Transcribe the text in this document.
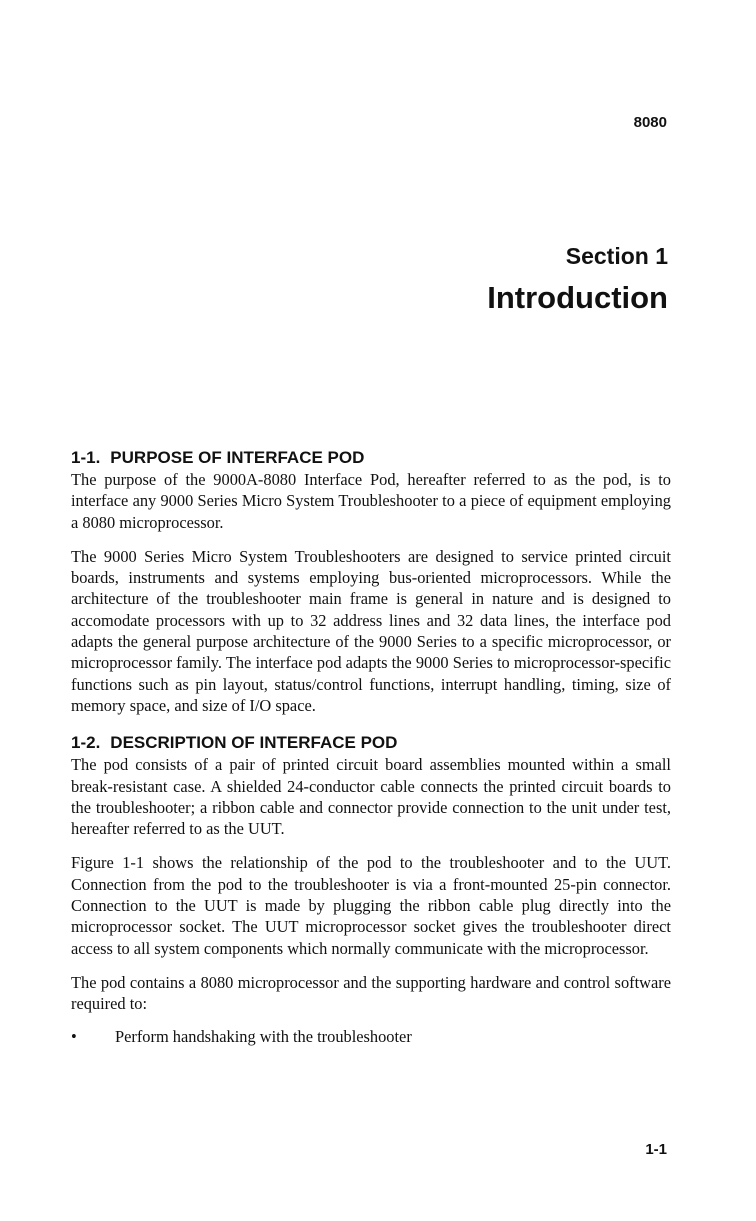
8080
Section 1
Introduction
1-1. PURPOSE OF INTERFACE POD

The purpose of the 9000A-8080 Interface Pod, hereafter referred to as the pod, is to interface any 9000 Series Micro System Troubleshooter to a piece of equipment employing a 8080 microprocessor.

The 9000 Series Micro System Troubleshooters are designed to service printed circuit boards, instruments and systems employing bus-oriented microprocessors. While the architecture of the troubleshooter main frame is general in nature and is designed to accomodate processors with up to 32 address lines and 32 data lines, the interface pod adapts the general purpose architecture of the 9000 Series to a specific microprocessor, or microprocessor family. The interface pod adapts the 9000 Series to microprocessor-specific functions such as pin layout, status/control functions, interrupt handling, timing, size of memory space, and size of I/O space.

1-2. DESCRIPTION OF INTERFACE POD

The pod consists of a pair of printed circuit board assemblies mounted within a small break-resistant case. A shielded 24-conductor cable connects the printed circuit boards to the troubleshooter; a ribbon cable and connector provide connection to the unit under test, hereafter referred to as the UUT.

Figure 1-1 shows the relationship of the pod to the troubleshooter and to the UUT. Connection from the pod to the troubleshooter is via a front-mounted 25-pin connector. Connection to the UUT is made by plugging the ribbon cable plug directly into the microprocessor socket. The UUT microprocessor socket gives the troubleshooter direct access to all system components which normally communicate with the microprocessor.

The pod contains a 8080 microprocessor and the supporting hardware and control software required to:

•	Perform handshaking with the troubleshooter
1-1
